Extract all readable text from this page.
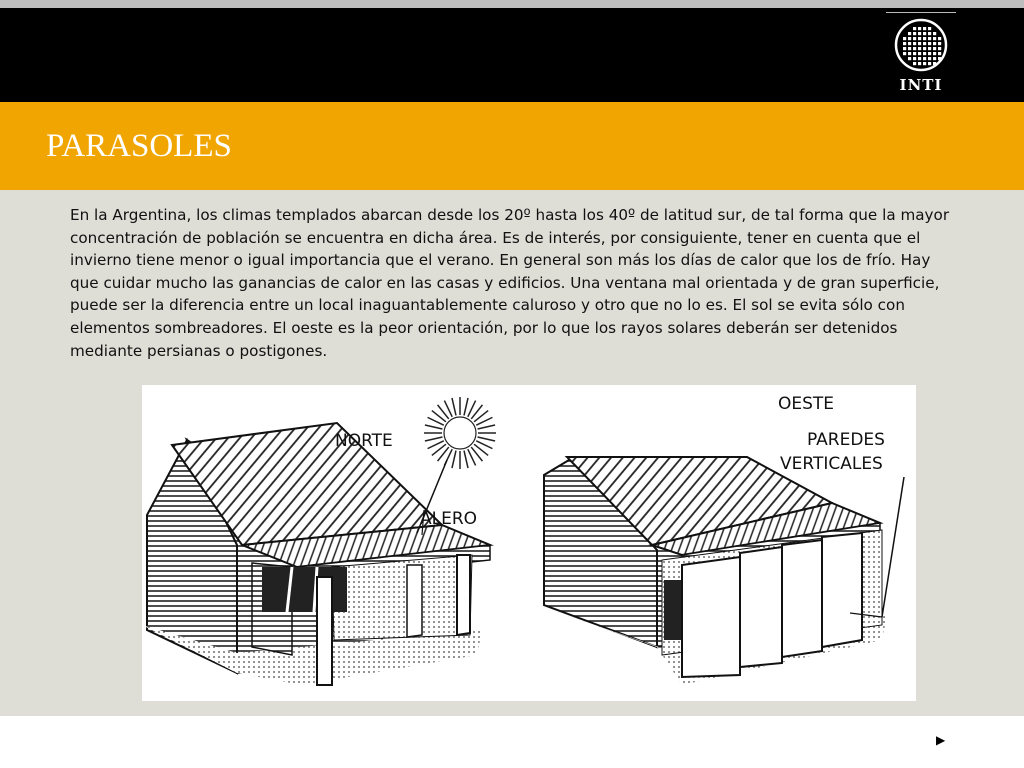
INTI
PARASOLES

En la Argentina, los climas templados abarcan desde los 20º hasta los 40º de latitud sur, de tal forma que la mayor concentración de población se encuentra en dicha área. Es de interés, por consiguiente, tener en cuenta que el invierno tiene menor o igual importancia que el verano. En general son más los días de calor que los de frío. Hay que cuidar mucho las ganancias de calor en las casas y edificios. Una ventana mal orientada y de gran superficie, puede ser la diferencia entre un local inaguantablemente caluroso y otro que no lo es. El sol se evita sólo con elementos sombreadores. El oeste es la peor orientación, por lo que los rayos solares deberán ser detenidos mediante persianas o postigones.

NORTE
ALERO
OESTE
PAREDES
VERTICALES
▶
